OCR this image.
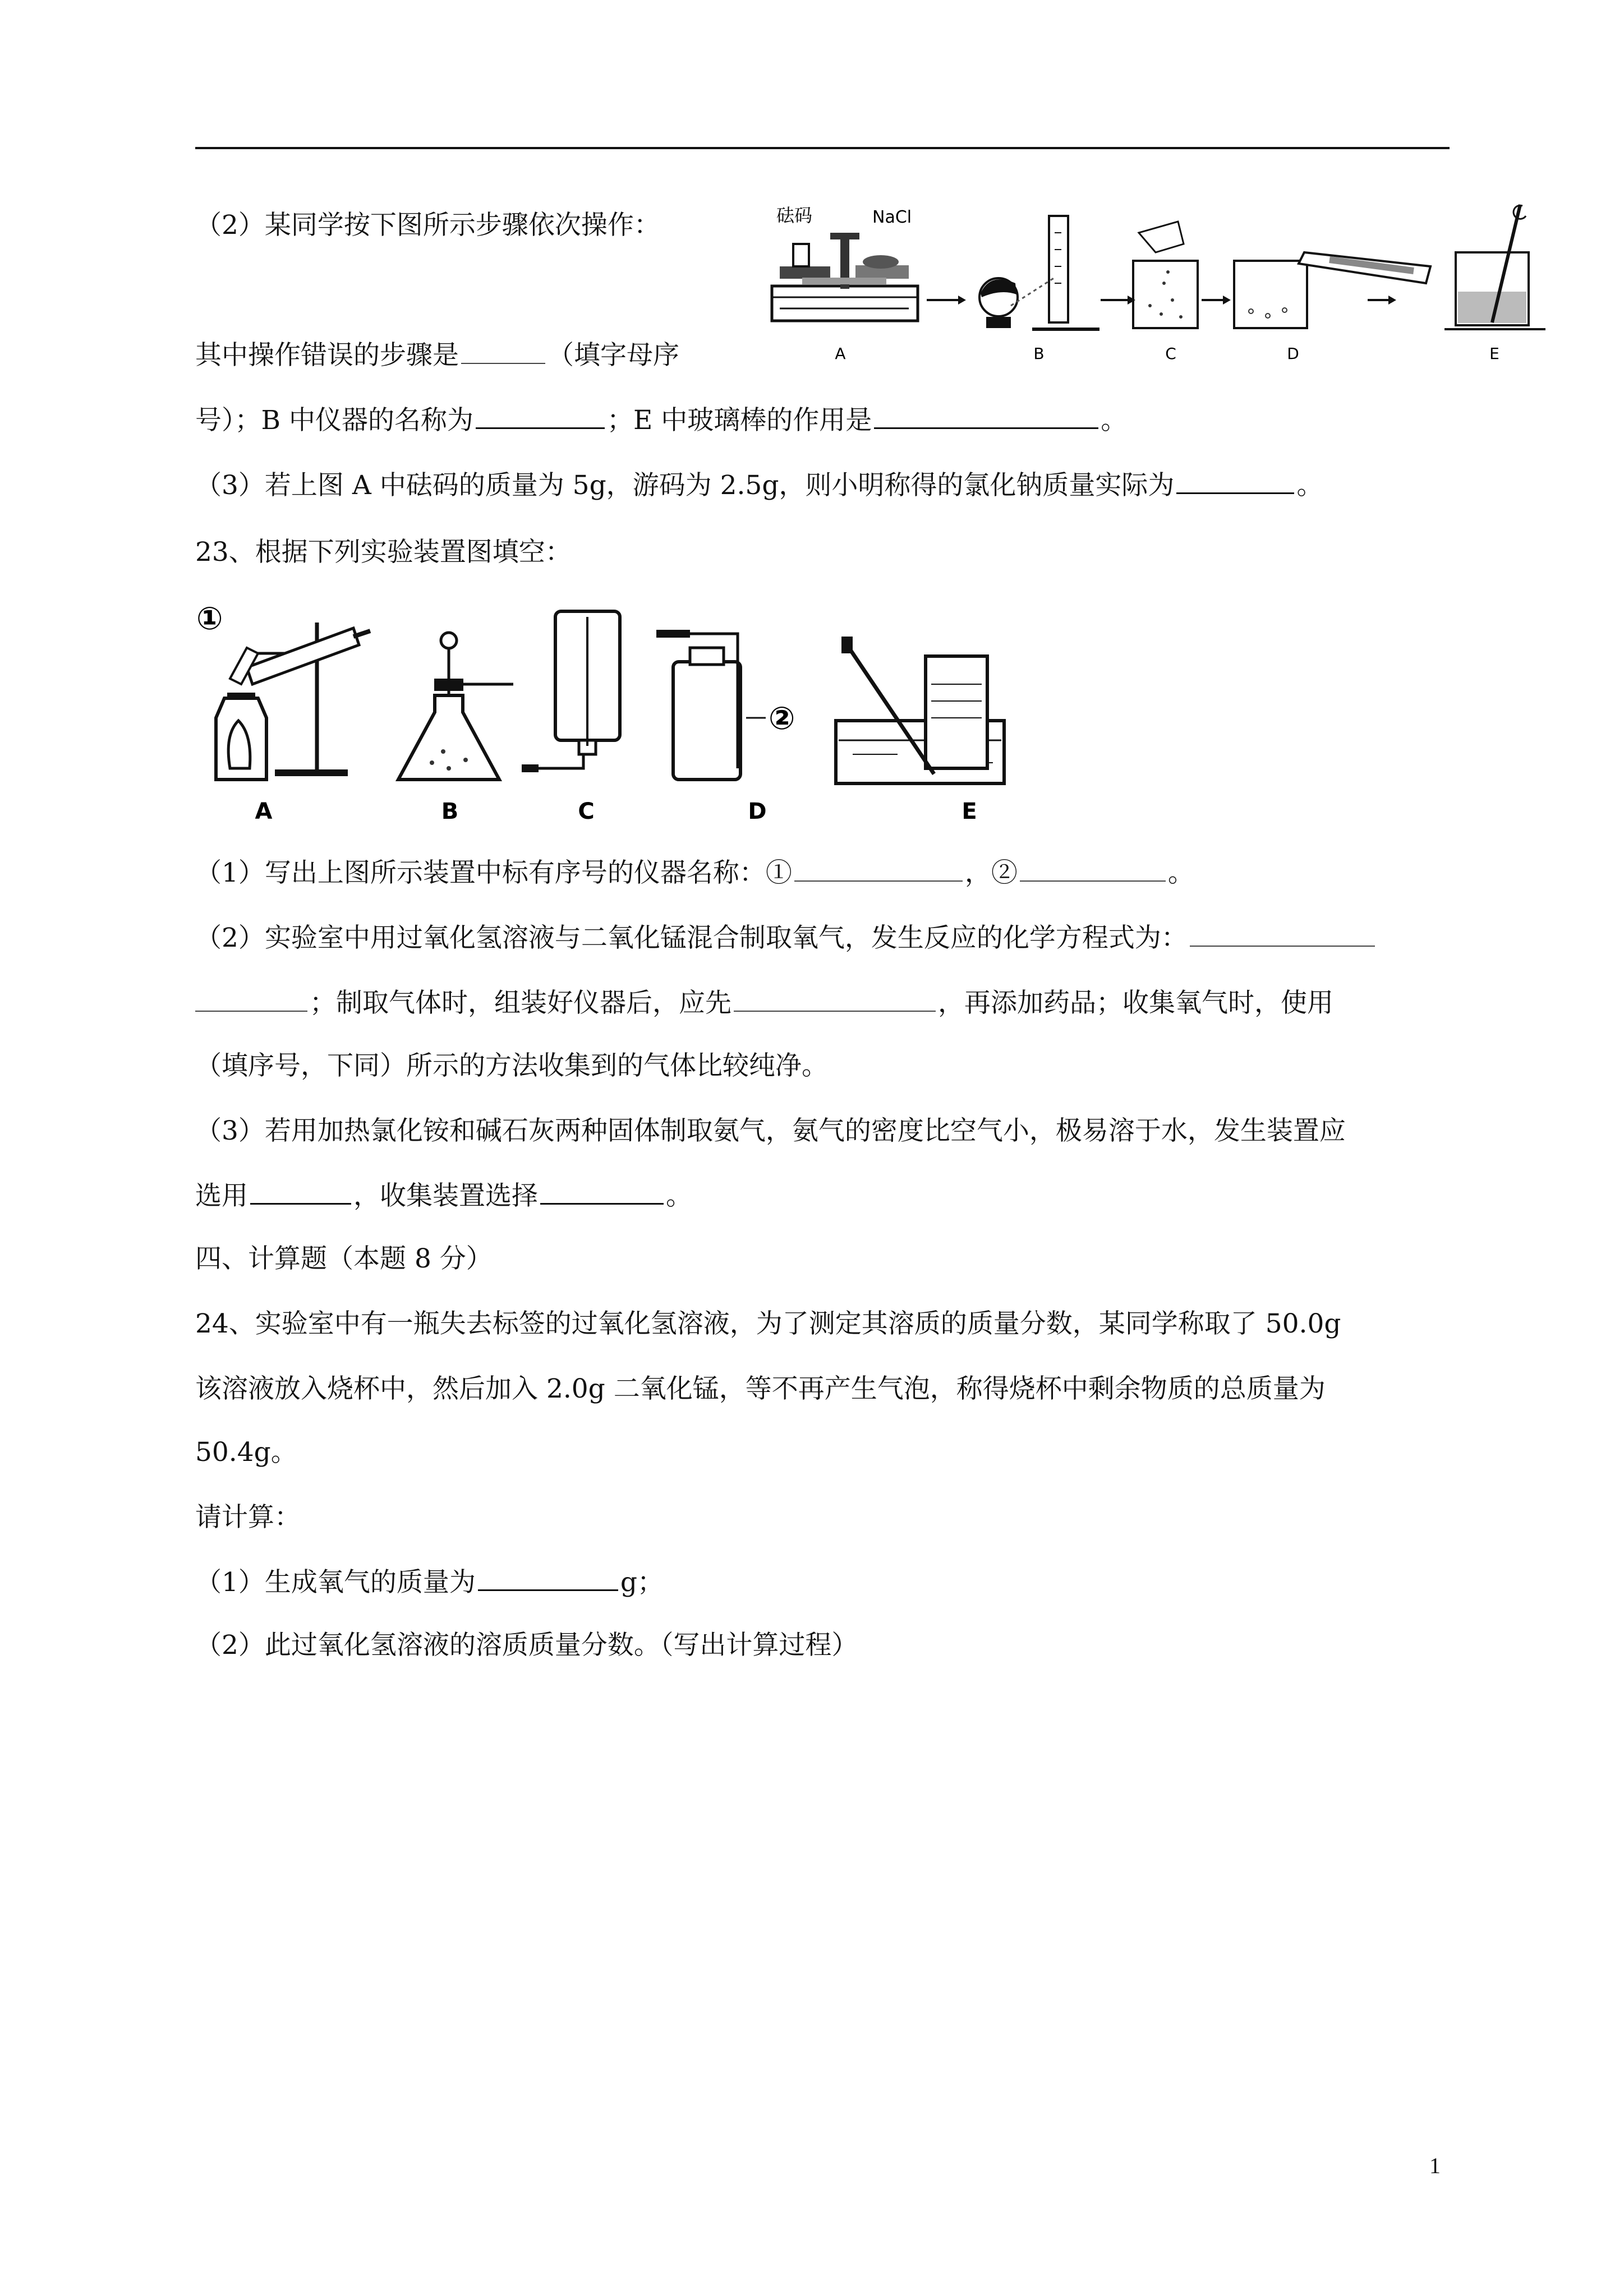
（2）某同学按下图所示步骤依次操作：
其中操作错误的步骤是	（填字母序
砝码	NaCl
A	B	C	D	E
号）；B 中仪器的名称为	；E 中玻璃棒的作用是	。
（3）若上图 A 中砝码的质量为 5g，游码为 2.5g，则小明称得的氯化钠质量实际为	。
23、根据下列实验装置图填空：
①
②
A	B	C	D	E
（1）写出上图所示装置中标有序号的仪器名称：①	，②	。
（2）实验室中用过氧化氢溶液与二氧化锰混合制取氧气，发生反应的化学方程式为：
；制取气体时，组装好仪器后，应先	，再添加药品；收集氧气时，使用
（填序号，下同）所示的方法收集到的气体比较纯净。
（3）若用加热氯化铵和碱石灰两种固体制取氨气，氨气的密度比空气小，极易溶于水，发生装置应
选用	，收集装置选择	。
四、计算题（本题 8 分）
24、实验室中有一瓶失去标签的过氧化氢溶液，为了测定其溶质的质量分数，某同学称取了 50.0g
该溶液放入烧杯中，然后加入 2.0g 二氧化锰，等不再产生气泡，称得烧杯中剩余物质的总质量为
50.4g。
请计算：
（1）生成氧气的质量为	g；
（2）此过氧化氢溶液的溶质质量分数。（写出计算过程）
1
